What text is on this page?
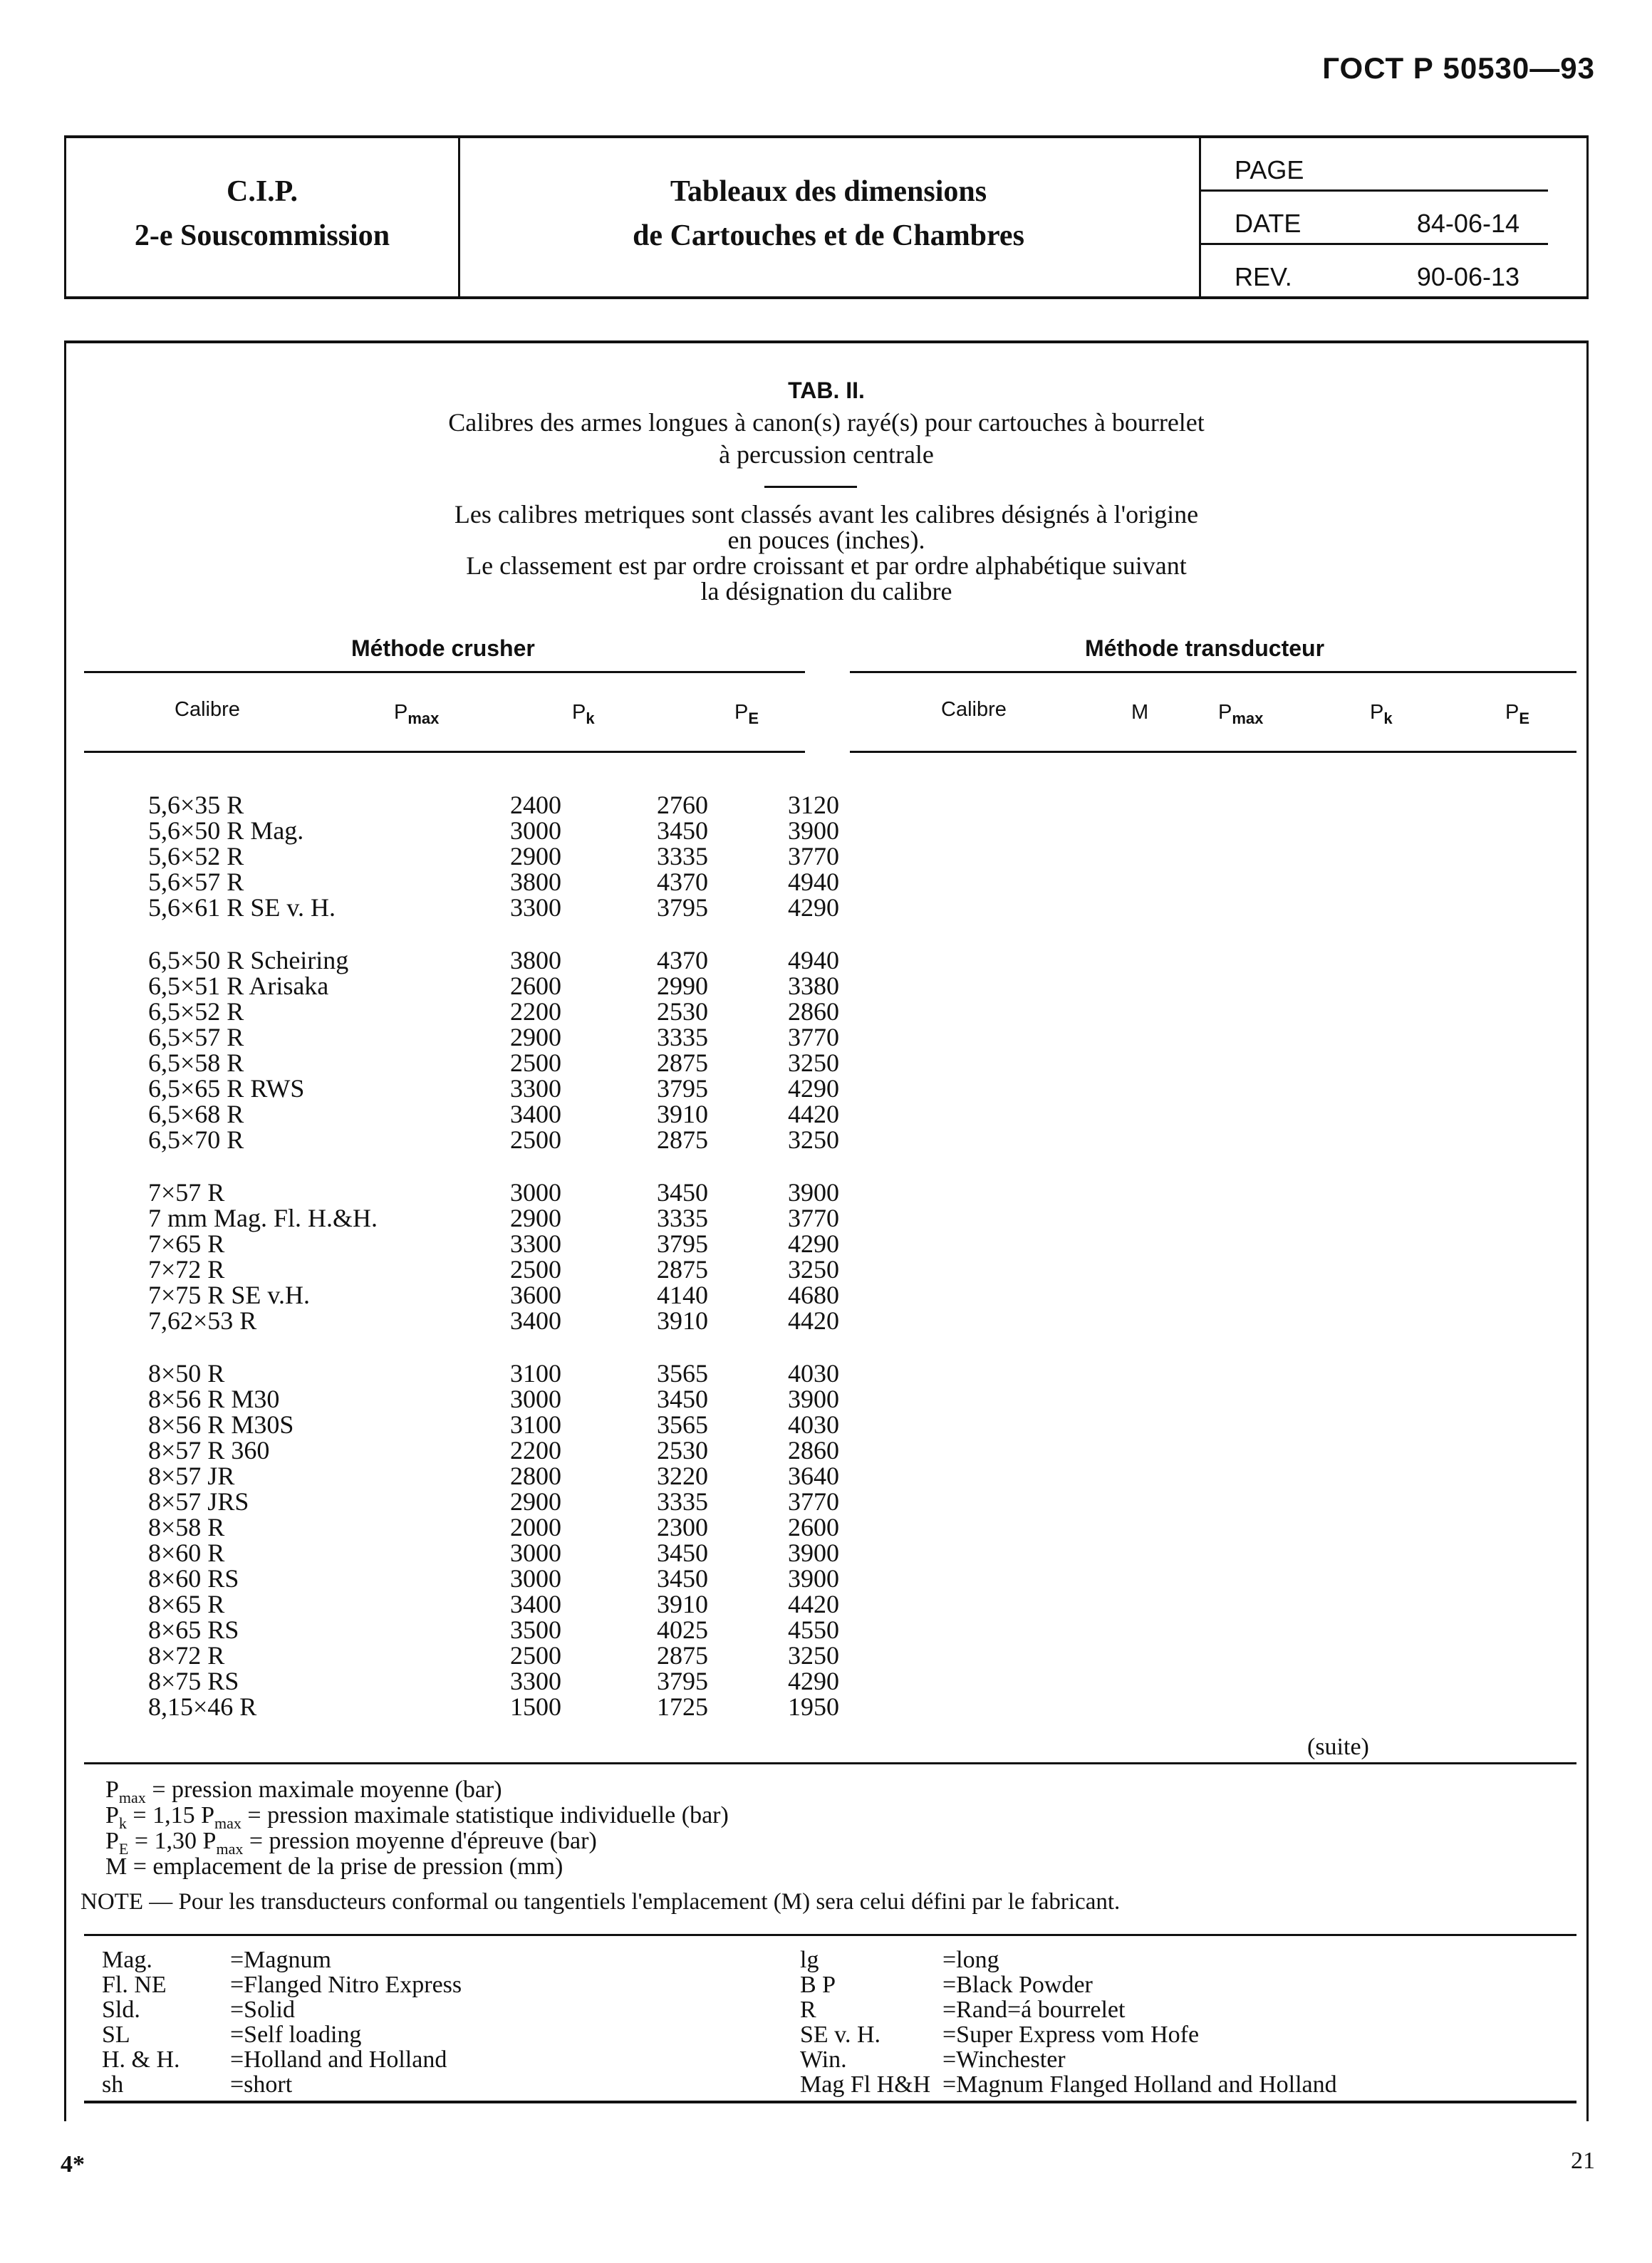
ГОСТ Р 50530—93
C.I.P.
2-e Souscommission
Tableaux des dimensions
de Cartouches et de Chambres
PAGE
DATE	84-06-14
REV.	90-06-13
TAB. II.
Calibres des armes longues à canon(s) rayé(s) pour cartouches à bourrelet
à percussion centrale
Les calibres metriques sont classés avant les calibres désignés à l'origine
en pouces (inches).
Le classement est par ordre croissant et par ordre alphabétique suivant
la désignation du calibre
Méthode crusher	Méthode transducteur
Calibre	$P_{max}$	$P_k$	$P_E$	Calibre	M	$P_{max}$	$P_k$	$P_E$
5,6×35 R	2400	2760	3120
5,6×50 R Mag.	3000	3450	3900
5,6×52 R	2900	3335	3770
5,6×57 R	3800	4370	4940
5,6×61 R SE v. H.	3300	3795	4290
6,5×50 R Scheiring	3800	4370	4940
6,5×51 R Arisaka	2600	2990	3380
6,5×52 R	2200	2530	2860
6,5×57 R	2900	3335	3770
6,5×58 R	2500	2875	3250
6,5×65 R RWS	3300	3795	4290
6,5×68 R	3400	3910	4420
6,5×70 R	2500	2875	3250
7×57 R	3000	3450	3900
7 mm Mag. Fl. H.&H.	2900	3335	3770
7×65 R	3300	3795	4290
7×72 R	2500	2875	3250
7×75 R SE v.H.	3600	4140	4680
7,62×53 R	3400	3910	4420
8×50 R	3100	3565	4030
8×56 R M30	3000	3450	3900
8×56 R M30S	3100	3565	4030
8×57 R 360	2200	2530	2860
8×57 JR	2800	3220	3640
8×57 JRS	2900	3335	3770
8×58 R	2000	2300	2600
8×60 R	3000	3450	3900
8×60 RS	3000	3450	3900
8×65 R	3400	3910	4420
8×65 RS	3500	4025	4550
8×72 R	2500	2875	3250
8×75 RS	3300	3795	4290
8,15×46 R	1500	1725	1950
(suite)
$P_{max}$ = pression maximale moyenne (bar)
$P_k = 1,15$ $P_{max}$ = pression maximale statistique individuelle (bar)
$P_E = 1,30$ $P_{max}$ = pression moyenne d'épreuve (bar)
M = emplacement de la prise de pression (mm)
NOTE — Pour les transducteurs conformal ou tangentiels l'emplacement (M) sera celui défini par le fabricant.
Mag.	=Magnum
Fl. NE	=Flanged Nitro Express
Sld.	=Solid
SL	=Self loading
H. & H. =Holland and Holland
sh	=short
lg	=long
B P	=Black Powder
R	=Rand=á bourrelet
SE v. H.	=Super Express vom Hofe
Win.	=Winchester
Mag Fl H&H =Magnum Flanged Holland and Holland
4*	21
